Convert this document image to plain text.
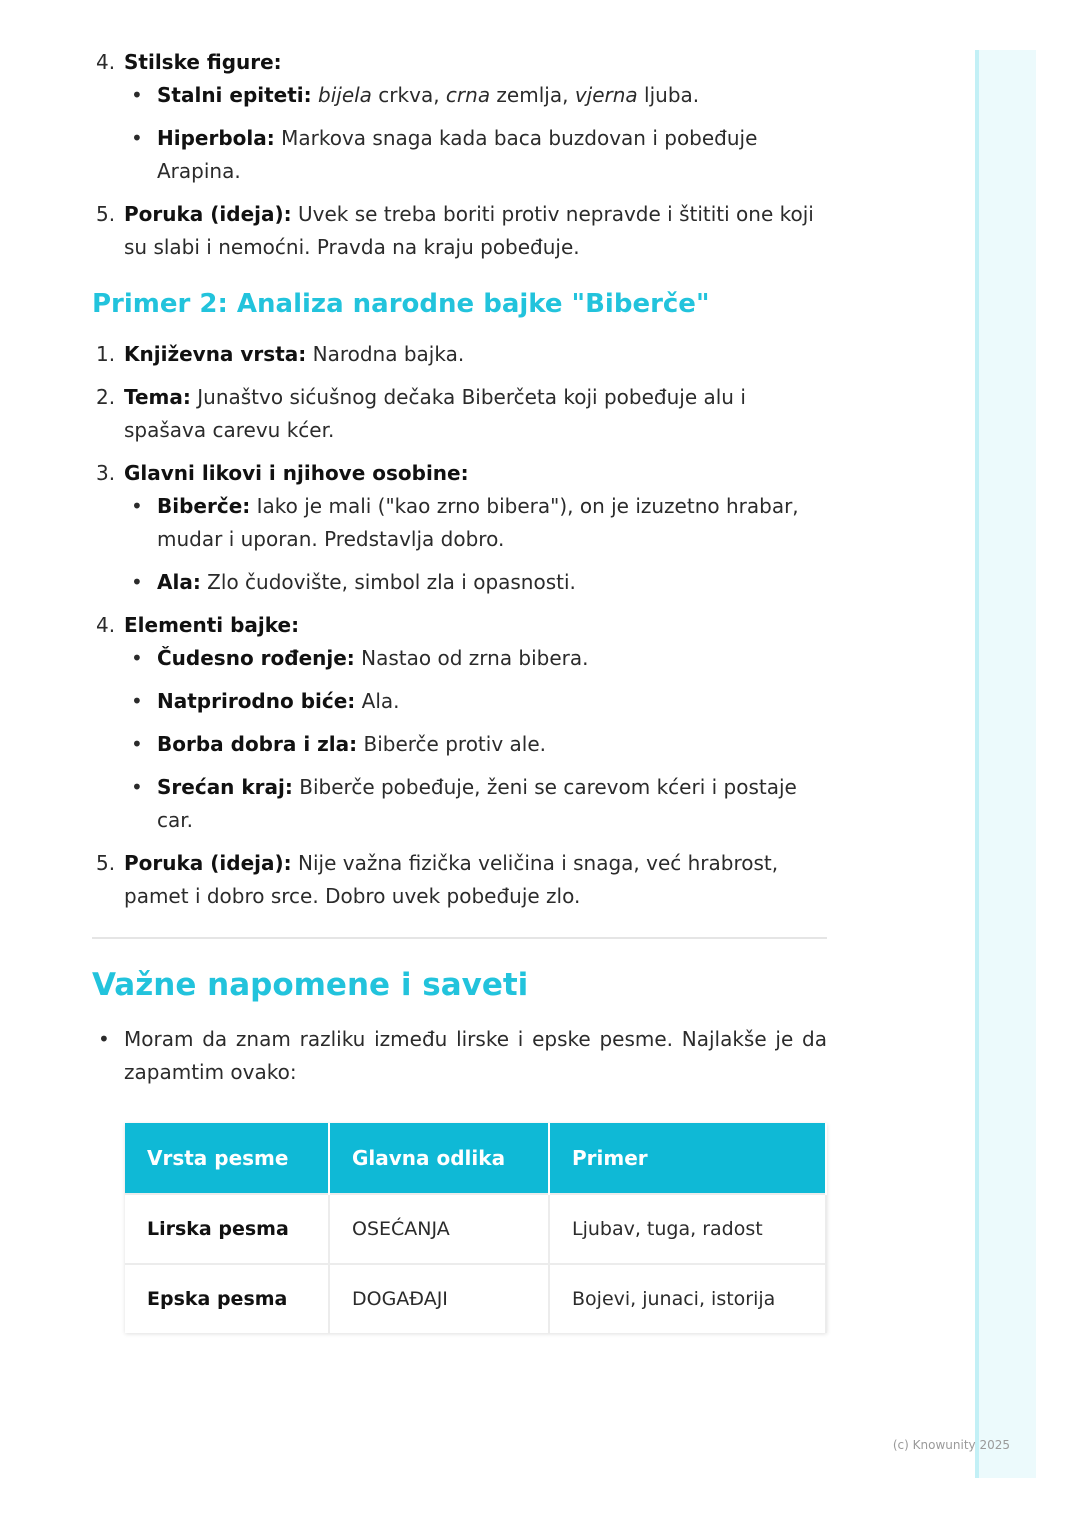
4. Stilske figure:
• Stalni epiteti: bijela crkva, crna zemlja, vjerna ljuba.
• Hiperbola: Markova snaga kada baca buzdovan i pobeđuje Arapina.
5. Poruka (ideja): Uvek se treba boriti protiv nepravde i štititi one koji su slabi i nemoćni. Pravda na kraju pobeđuje.
Primer 2: Analiza narodne bajke "Biberče"
1. Književna vrsta: Narodna bajka.
2. Tema: Junaštvo sićušnog dečaka Biberčeta koji pobeđuje alu i spašava carevu kćer.
3. Glavni likovi i njihove osobine:
• Biberče: Iako je mali ("kao zrno bibera"), on je izuzetno hrabar, mudar i uporan. Predstavlja dobro.
• Ala: Zlo čudovište, simbol zla i opasnosti.
4. Elementi bajke:
• Čudesno rođenje: Nastao od zrna bibera.
• Natprirodno biće: Ala.
• Borba dobra i zla: Biberče protiv ale.
• Srećan kraj: Biberče pobeđuje, ženi se carevom kćeri i postaje car.
5. Poruka (ideja): Nije važna fizička veličina i snaga, već hrabrost, pamet i dobro srce. Dobro uvek pobeđuje zlo.
Važne napomene i saveti
• Moram da znam razliku između lirske i epske pesme. Najlakše je da zapamtim ovako:
Vrsta pesme	Glavna odlika	Primer
Lirska pesma	OSEĆANJA	Ljubav, tuga, radost
Epska pesma	DOGAĐAJI	Bojevi, junaci, istorija
(c) Knowunity 2025
